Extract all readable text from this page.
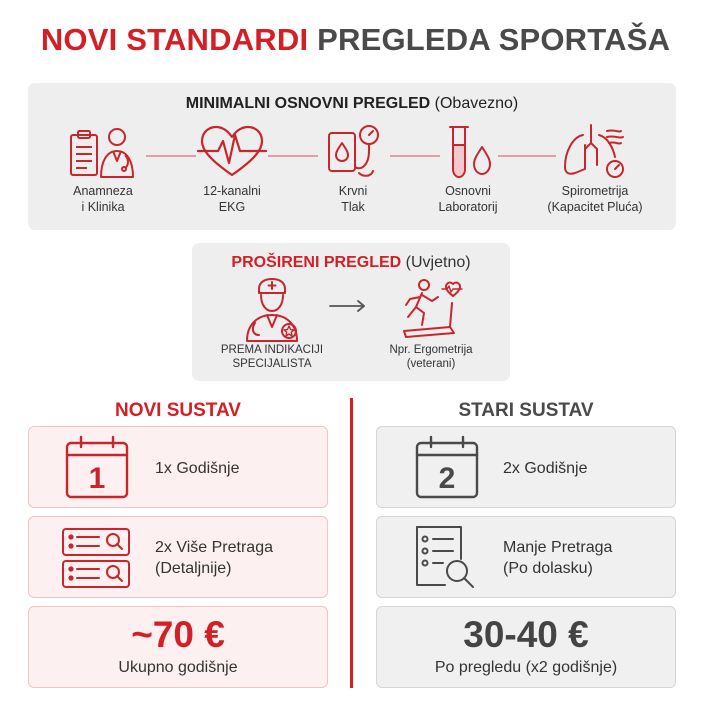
NOVI STANDARDI PREGLEDA SPORTAŠA
MINIMALNI OSNOVNI PREGLED (Obavezno)
Anamneza
i Klinika
12-kanalni
EKG
Krvni
Tlak
Osnovni
Laboratorij
Spirometrija
(Kapacitet Pluća)
PROŠIRENI PREGLED (Uvjetno)
PREMA INDIKACIJI
SPECIJALISTA
Npr. Ergometrija
(veterani)
NOVI SUSTAV	STARI SUSTAV
1	1x Godišnje
2x Više Pretraga
(Detaljnije)
~70 €
Ukupno godišnje
2	2x Godišnje
Manje Pretraga
(Po dolasku)
30-40 €
Po pregledu (x2 godišnje)
